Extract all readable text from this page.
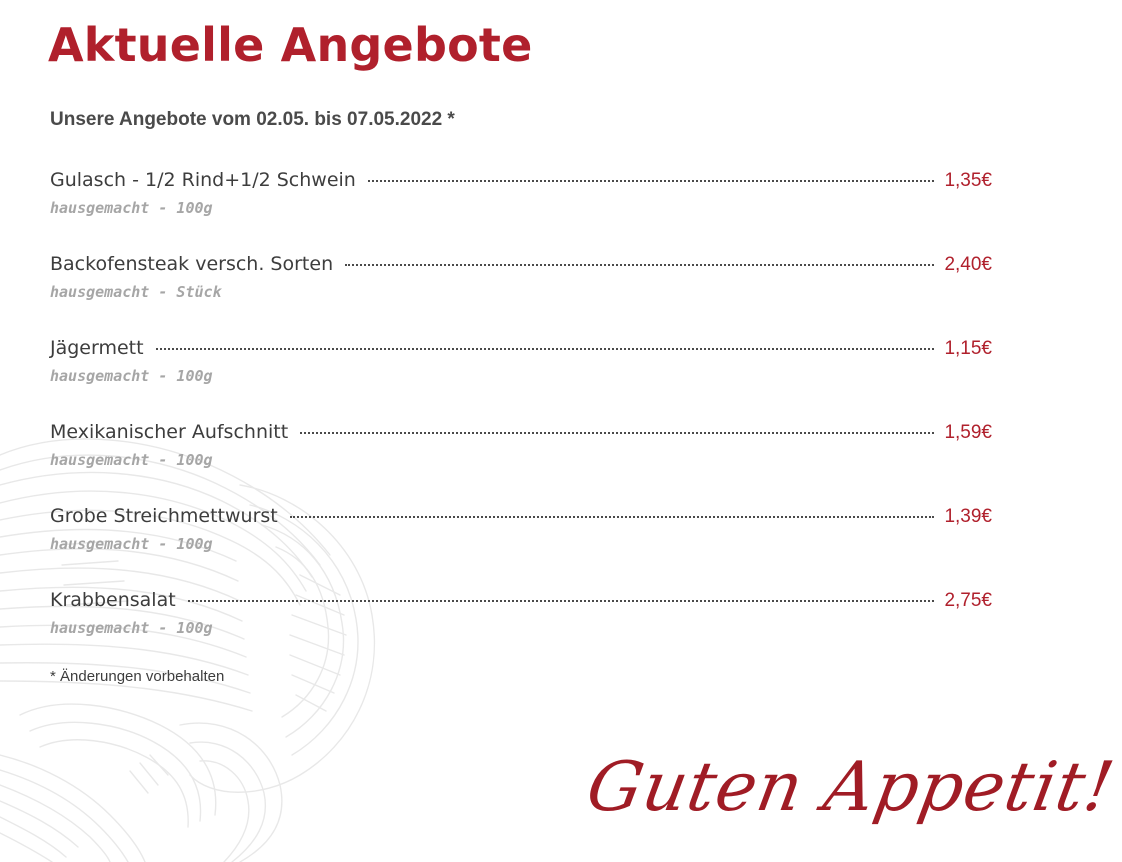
Aktuelle Angebote
Unsere Angebote vom 02.05. bis 07.05.2022 *
Gulasch - 1/2 Rind+1/2 Schwein	1,35€
hausgemacht - 100g
Backofensteak versch. Sorten	2,40€
hausgemacht - Stück
Jägermett	1,15€
hausgemacht - 100g
Mexikanischer Aufschnitt	1,59€
hausgemacht - 100g
Grobe Streichmettwurst	1,39€
hausgemacht - 100g
Krabbensalat	2,75€
hausgemacht - 100g

* Änderungen vorbehalten

Guten Appetit!
